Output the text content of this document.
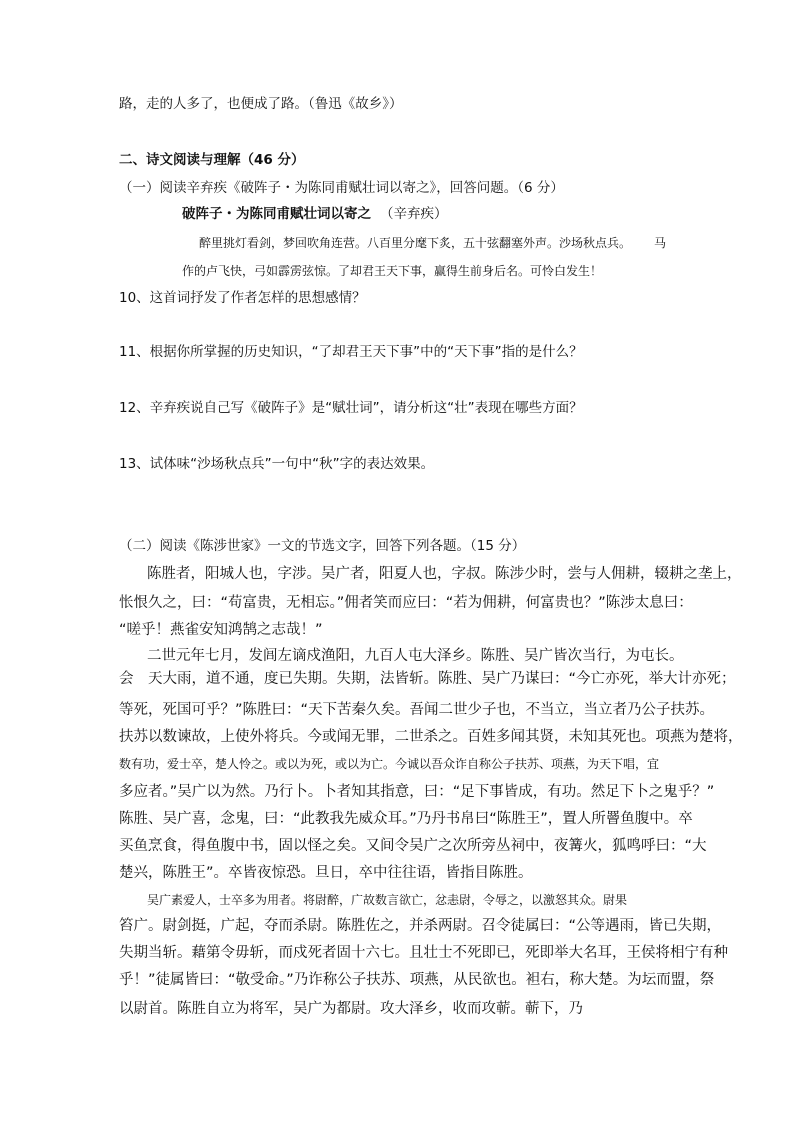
路，走的人多了，也便成了路。（鲁迅《故乡》）
二、诗文阅读与理解（46 分）
（一）阅读辛弃疾《破阵子・为陈同甫赋壮词以寄之》，回答问题。（6 分）
破阵子・为陈同甫赋壮词以寄之 （辛弃疾）
醉里挑灯看剑，梦回吹角连营。八百里分麾下炙，五十弦翻塞外声。沙场秋点兵。 马
作的卢飞快，弓如霹雳弦惊。了却君王天下事，赢得生前身后名。可怜白发生！
10、这首词抒发了作者怎样的思想感情？
11、根据你所掌握的历史知识，“了却君王天下事”中的“天下事”指的是什么？
12、辛弃疾说自己写《破阵子》是“赋壮词”，请分析这“壮”表现在哪些方面？
13、试体味“沙场秋点兵”一句中“秋”字的表达效果。
（二）阅读《陈涉世家》一文的节选文字，回答下列各题。（15 分）
陈胜者，阳城人也，字涉。吴广者，阳夏人也，字叔。陈涉少时，尝与人佣耕，辍耕之垄上，
怅恨久之，曰：“苟富贵，无相忘。”佣者笑而应曰：“若为佣耕，何富贵也？”陈涉太息曰：
“嗟乎！燕雀安知鸿鹄之志哉！”
二世元年七月，发闾左谪戍渔阳，九百人屯大泽乡。陈胜、吴广皆次当行，为屯长。
会　天大雨，道不通，度已失期。失期，法皆斩。陈胜、吴广乃谋曰：“今亡亦死，举大计亦死；
等死，死国可乎？”陈胜曰：“天下苦秦久矣。吾闻二世少子也，不当立，当立者乃公子扶苏。
扶苏以数谏故，上使外将兵。今或闻无罪，二世杀之。百姓多闻其贤，未知其死也。项燕为楚将，
数有功，爱士卒，楚人怜之。或以为死，或以为亡。今诚以吾众诈自称公子扶苏、项燕，为天下唱，宜
多应者。”吴广以为然。乃行卜。卜者知其指意，曰：“足下事皆成，有功。然足下卜之鬼乎？”
陈胜、吴广喜，念鬼，曰：“此教我先威众耳。”乃丹书帛曰“陈胜王”，置人所罾鱼腹中。卒
买鱼烹食，得鱼腹中书，固以怪之矣。又间令吴广之次所旁丛祠中，夜篝火，狐鸣呼曰：“大
楚兴，陈胜王”。卒皆夜惊恐。旦日，卒中往往语，皆指目陈胜。
吴广素爱人，士卒多为用者。将尉醉，广故数言欲亡，忿恚尉，令辱之，以激怒其众。尉果
笞广。尉剑挺，广起，夺而杀尉。陈胜佐之，并杀两尉。召令徒属曰：“公等遇雨，皆已失期，
失期当斩。藉第令毋斩，而戍死者固十六七。且壮士不死即已，死即举大名耳，王侯将相宁有种
乎！”徒属皆曰：“敬受命。”乃诈称公子扶苏、项燕，从民欲也。袒右，称大楚。为坛而盟，祭
以尉首。陈胜自立为将军，吴广为都尉。攻大泽乡，收而攻蕲。蕲下，乃
